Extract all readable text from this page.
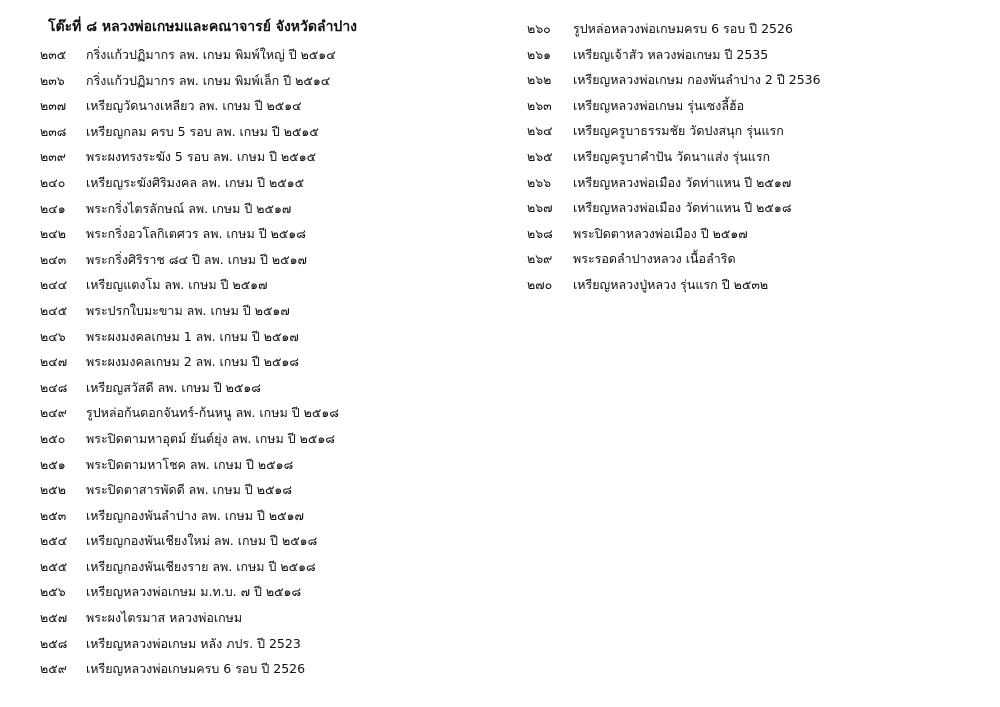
โต๊ะที่ ๘ หลวงพ่อเกษมและคณาจารย์ จังหวัดลำปาง
๒๓๕	กริ่งแก้วปฏิมากร ลพ. เกษม พิมพ์ใหญ่ ปี ๒๕๑๔
๒๓๖	กริ่งแก้วปฏิมากร ลพ. เกษม พิมพ์เล็ก ปี ๒๕๑๔
๒๓๗	เหรียญวัดนางเหลียว ลพ. เกษม ปี ๒๕๑๔
๒๓๘	เหรียญกลม ครบ 5 รอบ ลพ. เกษม ปี ๒๕๑๕
๒๓๙	พระผงทรงระฆัง 5 รอบ ลพ. เกษม ปี ๒๕๑๕
๒๔๐	เหรียญระฆังศิริมงคล ลพ. เกษม ปี ๒๕๑๕
๒๔๑	พระกริ่งไตรลักษณ์ ลพ. เกษม ปี ๒๕๑๗
๒๔๒	พระกริ่งอวโลกิเตศวร ลพ. เกษม ปี ๒๕๑๘
๒๔๓	พระกริ่งศิริราช ๘๔ ปี ลพ. เกษม ปี ๒๕๑๗
๒๔๔	เหรียญแตงโม ลพ. เกษม ปี ๒๕๑๗
๒๔๕	พระปรกใบมะขาม ลพ. เกษม ปี ๒๕๑๗
๒๔๖	พระผงมงคลเกษม 1 ลพ. เกษม ปี ๒๕๑๗
๒๔๗	พระผงมงคลเกษม 2 ลพ. เกษม ปี ๒๕๑๘
๒๔๘	เหรียญสวัสดี ลพ. เกษม ปี ๒๕๑๘
๒๔๙	รูปหล่อก้นดอกจันทร์-ก้นหนู ลพ. เกษม ปี ๒๕๑๘
๒๕๐	พระปิดตามหาอุตม์ ยันต์ยุ่ง ลพ. เกษม ปี ๒๕๑๘
๒๕๑	พระปิดตามหาโชค ลพ. เกษม ปี ๒๕๑๘
๒๕๒	พระปิดตาสารพัดดี ลพ. เกษม ปี ๒๕๑๘
๒๕๓	เหรียญกองพันลำปาง ลพ. เกษม ปี ๒๕๑๗
๒๕๔	เหรียญกองพันเชียงใหม่ ลพ. เกษม ปี ๒๕๑๘
๒๕๕	เหรียญกองพันเชียงราย ลพ. เกษม ปี ๒๕๑๘
๒๕๖	เหรียญหลวงพ่อเกษม ม.ท.บ. ๗ ปี ๒๕๑๘
๒๕๗	พระผงไตรมาส หลวงพ่อเกษม
๒๕๘	เหรียญหลวงพ่อเกษม หลัง ภปร. ปี 2523
๒๕๙	เหรียญหลวงพ่อเกษมครบ 6 รอบ ปี 2526
๒๖๐	รูปหล่อหลวงพ่อเกษมครบ 6 รอบ ปี 2526
๒๖๑	เหรียญเจ้าสัว หลวงพ่อเกษม ปี 2535
๒๖๒	เหรียญหลวงพ่อเกษม กองพันลำปาง 2 ปี 2536
๒๖๓	เหรียญหลวงพ่อเกษม รุ่นเซงลี้ฮ้อ
๒๖๔	เหรียญครูบาธรรมชัย วัดปงสนุก รุ่นแรก
๒๖๕	เหรียญครูบาคำปัน วัดนาแส่ง รุ่นแรก
๒๖๖	เหรียญหลวงพ่อเมือง วัดท่าแหน ปี ๒๕๑๗
๒๖๗	เหรียญหลวงพ่อเมือง วัดท่าแหน ปี ๒๕๑๘
๒๖๘	พระปิดตาหลวงพ่อเมือง ปี ๒๕๑๗
๒๖๙	พระรอดลำปางหลวง เนื้อลำริด
๒๗๐	เหรียญหลวงปู่หลวง รุ่นแรก ปี ๒๕๓๒
